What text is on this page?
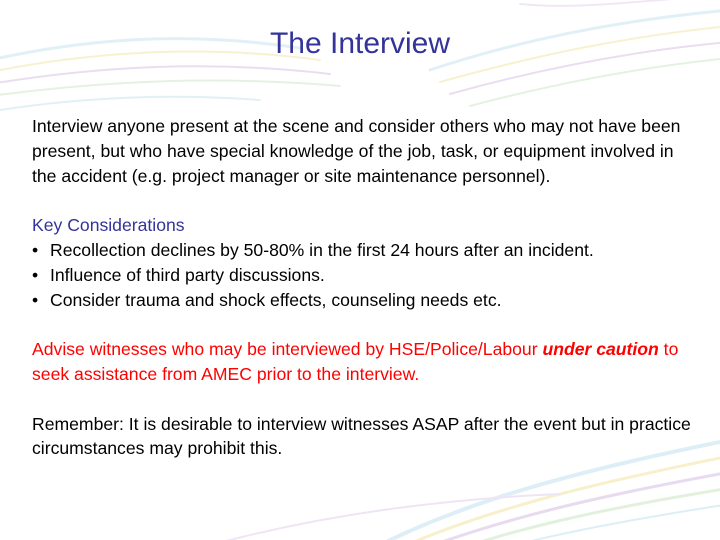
The Interview

Interview anyone present at the scene and consider others who may not have been present, but who have special knowledge of the job, task, or equipment involved in the accident (e.g. project manager or site maintenance personnel).

Key Considerations

• Recollection declines by 50-80% in the first 24 hours after an incident.
• Influence of third party discussions.
• Consider trauma and shock effects, counseling needs etc.

Advise witnesses who may be interviewed by HSE/Police/Labour under caution to seek assistance from AMEC prior to the interview.

Remember: It is desirable to interview witnesses ASAP after the event but in practice circumstances may prohibit this.
